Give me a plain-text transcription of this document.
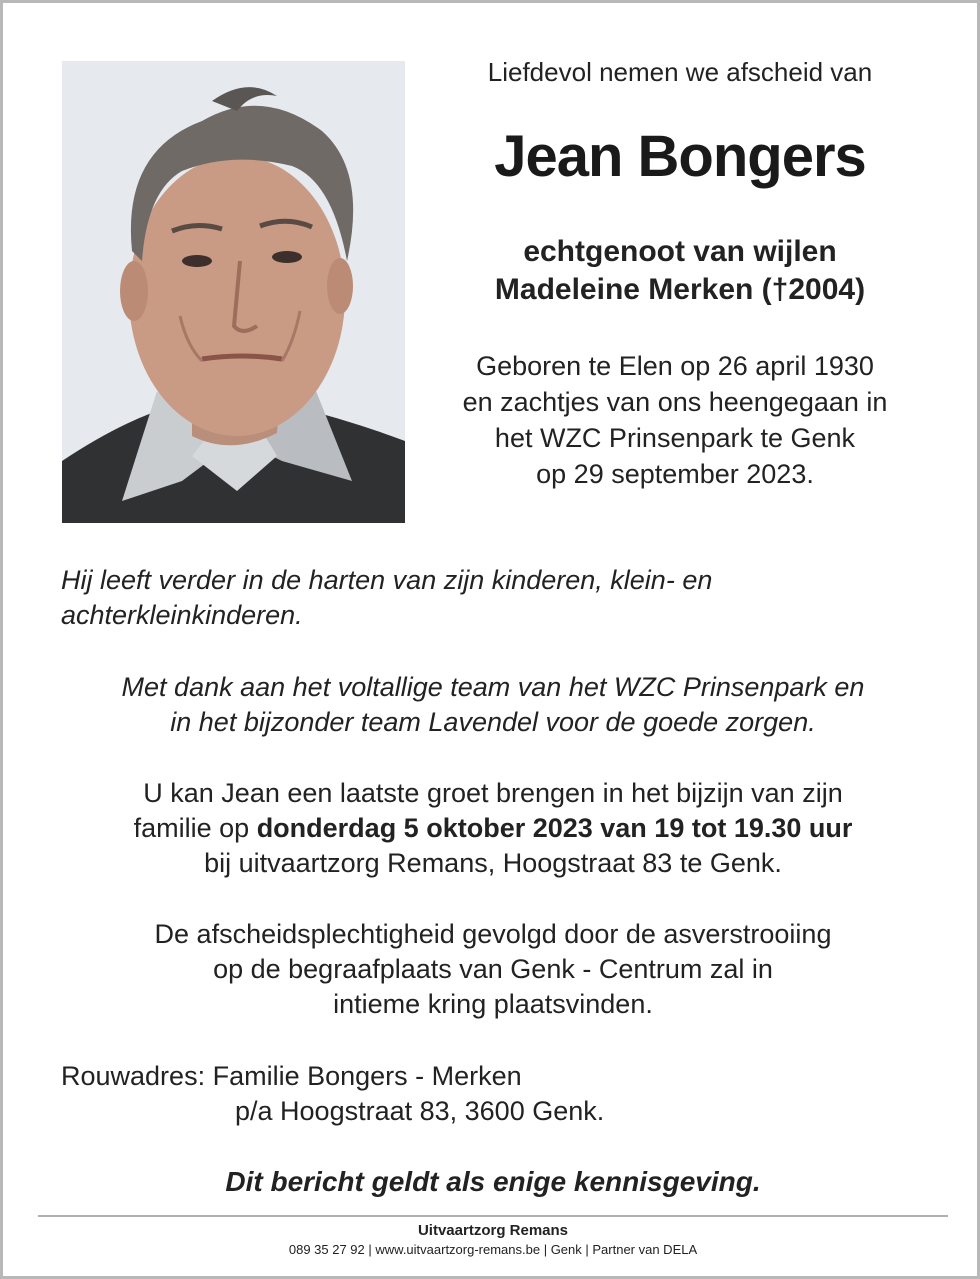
Liefdevol nemen we afscheid van
Jean Bongers
echtgenoot van wijlen
Madeleine Merken (†2004)
Geboren te Elen op 26 april 1930
en zachtjes van ons heengegaan in
het WZC Prinsenpark te Genk
op 29 september 2023.
Hij leeft verder in de harten van zijn kinderen, klein- en achterkleinkinderen.
Met dank aan het voltallige team van het WZC Prinsenpark en
in het bijzonder team Lavendel voor de goede zorgen.
U kan Jean een laatste groet brengen in het bijzijn van zijn
familie op donderdag 5 oktober 2023 van 19 tot 19.30 uur
bij uitvaartzorg Remans, Hoogstraat 83 te Genk.
De afscheidsplechtigheid gevolgd door de asverstrooiing
op de begraafplaats van Genk - Centrum zal in
intieme kring plaatsvinden.
Rouwadres: Familie Bongers - Merken
p/a Hoogstraat 83, 3600 Genk.
Dit bericht geldt als enige kennisgeving.
Uitvaartzorg Remans
089 35 27 92 | www.uitvaartzorg-remans.be | Genk | Partner van DELA
